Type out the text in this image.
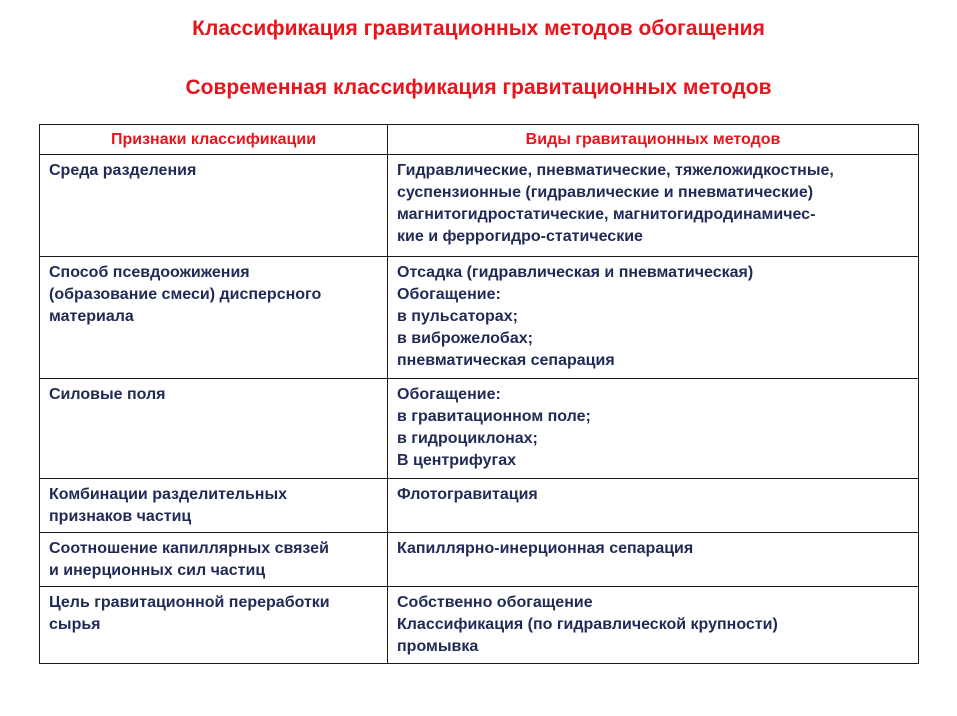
Классификация гравитационных методов обогащения
Современная классификация гравитационных методов
Признаки классификации	Виды гравитационных методов

Среда разделения	Гидравлические, пневматические, тяжеложидкостные,
суспензионные (гидравлические и пневматические)
магнитогидростатические, магнитогидродинамичес-
кие и феррогидро-статические

Способ псевдоожижения
(образование смеси) дисперсного
материала	Отсадка (гидравлическая и пневматическая)
Обогащение:
в пульсаторах;
в виброжелобах;
пневматическая сепарация

Силовые поля	Обогащение:
в гравитационном поле;
в гидроциклонах;
В центрифугах

Комбинации разделительных
признаков частиц	Флотогравитация

Соотношение капиллярных связей
и инерционных сил частиц	Капиллярно-инерционная сепарация

Цель гравитационной переработки
сырья	Собственно обогащение
Классификация (по гидравлической крупности)
промывка
